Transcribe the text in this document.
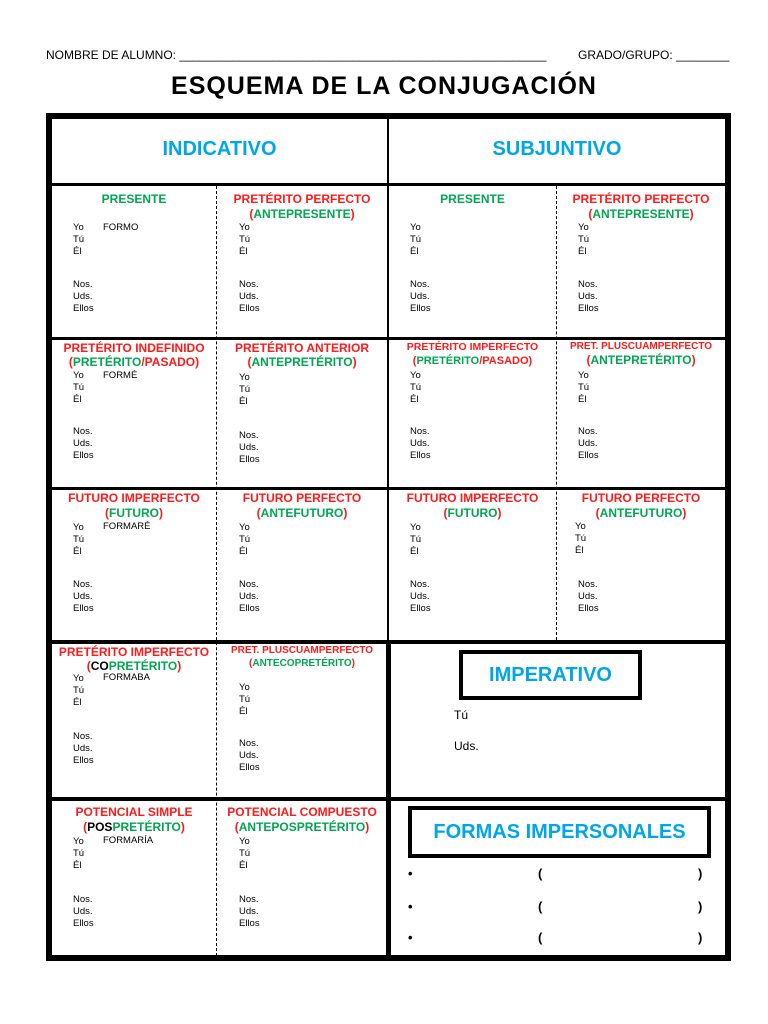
NOMBRE DE ALUMNO: _______________________________________________________	GRADO/GRUPO: ________
ESQUEMA DE LA CONJUGACIÓN
INDICATIVO	SUBJUNTIVO
PRESENTE
Yo
Tú
Él
Nos.
Uds.
Ellos
FORMO
PRETÉRITO PERFECTO
(ANTEPRESENTE)
Yo
Tú
Él
Nos.
Uds.
Ellos
PRETÉRITO INDEFINIDO
(PRETÉRITO/PASADO)
Yo
Tú
Él
Nos.
Uds.
Ellos
FORMÉ
PRETÉRITO ANTERIOR
(ANTEPRETÉRITO)
Yo
Tú
Él
Nos.
Uds.
Ellos
FUTURO IMPERFECTO
(FUTURO)
Yo
Tú
Él
Nos.
Uds.
Ellos
FORMARÉ
FUTURO PERFECTO
(ANTEFUTURO)
Yo
Tú
Él
Nos.
Uds.
Ellos
PRETÉRITO IMPERFECTO
(COPRETÉRITO)
Yo
Tú
Él
Nos.
Uds.
Ellos
FORMABA
PRET. PLUSCUAMPERFECTO
(ANTECOPRETÉRITO)
Yo
Tú
Él
Nos.
Uds.
Ellos
POTENCIAL SIMPLE
(POSPRETÉRITO)
Yo
Tú
Él
Nos.
Uds.
Ellos
FORMARÍA
POTENCIAL COMPUESTO
(ANTEPOSPRETÉRITO)
Yo
Tú
Él
Nos.
Uds.
Ellos
PRESENTE
Yo
Tú
Él
Nos.
Uds.
Ellos
PRETÉRITO PERFECTO
(ANTEPRESENTE)
Yo
Tú
Él
Nos.
Uds.
Ellos
PRETÉRITO IMPERFECTO
(PRETÉRITO/PASADO)
Yo
Tú
Él
Nos.
Uds.
Ellos
PRET. PLUSCUAMPERFECTO
(ANTEPRETÉRITO)
Yo
Tú
Él
Nos.
Uds.
Ellos
FUTURO IMPERFECTO
(FUTURO)
Yo
Tú
Él
Nos.
Uds.
Ellos
FUTURO PERFECTO
(ANTEFUTURO)
Yo
Tú
Él
Nos.
Uds.
Ellos
IMPERATIVO
Tú
Uds.
FORMAS IMPERSONALES
•	(	)
•	(	)
•	(	)
